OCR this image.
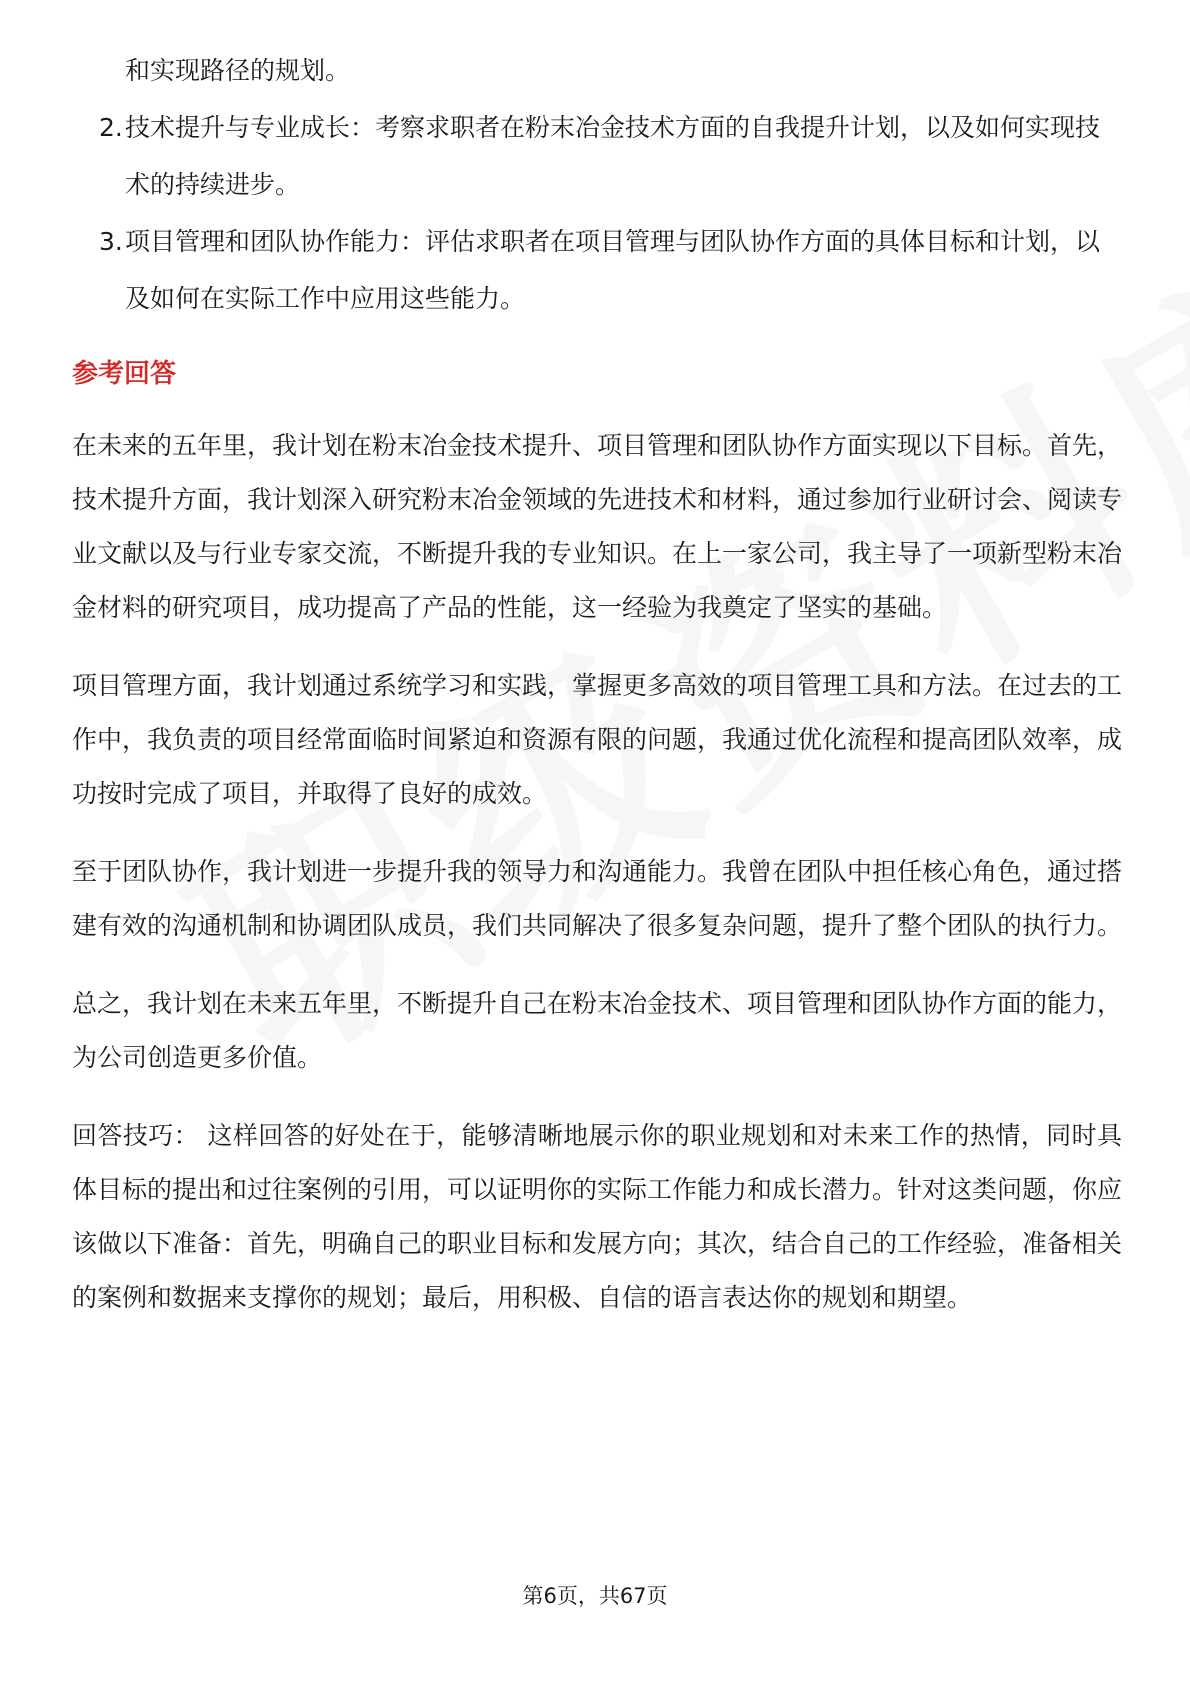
和实现路径的规划。
2. 技术提升与专业成长：考察求职者在粉末冶金技术方面的自我提升计划，以及如何实现技术的持续进步。
3. 项目管理和团队协作能力：评估求职者在项目管理与团队协作方面的具体目标和计划，以及如何在实际工作中应用这些能力。
参考回答

在未来的五年里，我计划在粉末冶金技术提升、项目管理和团队协作方面实现以下目标。首先，技术提升方面，我计划深入研究粉末冶金领域的先进技术和材料，通过参加行业研讨会、阅读专业文献以及与行业专家交流，不断提升我的专业知识。在上一家公司，我主导了一项新型粉末冶金材料的研究项目，成功提高了产品的性能，这一经验为我奠定了坚实的基础。

项目管理方面，我计划通过系统学习和实践，掌握更多高效的项目管理工具和方法。在过去的工作中，我负责的项目经常面临时间紧迫和资源有限的问题，我通过优化流程和提高团队效率，成功按时完成了项目，并取得了良好的成效。

至于团队协作，我计划进一步提升我的领导力和沟通能力。我曾在团队中担任核心角色，通过搭建有效的沟通机制和协调团队成员，我们共同解决了很多复杂问题，提升了整个团队的执行力。

总之，我计划在未来五年里，不断提升自己在粉末冶金技术、项目管理和团队协作方面的能力，为公司创造更多价值。

回答技巧： 这样回答的好处在于，能够清晰地展示你的职业规划和对未来工作的热情，同时具体目标的提出和过往案例的引用，可以证明你的实际工作能力和成长潜力。针对这类问题，你应该做以下准备：首先，明确自己的职业目标和发展方向；其次，结合自己的工作经验，准备相关的案例和数据来支撑你的规划；最后，用积极、自信的语言表达你的规划和期望。

第6页，共67页
